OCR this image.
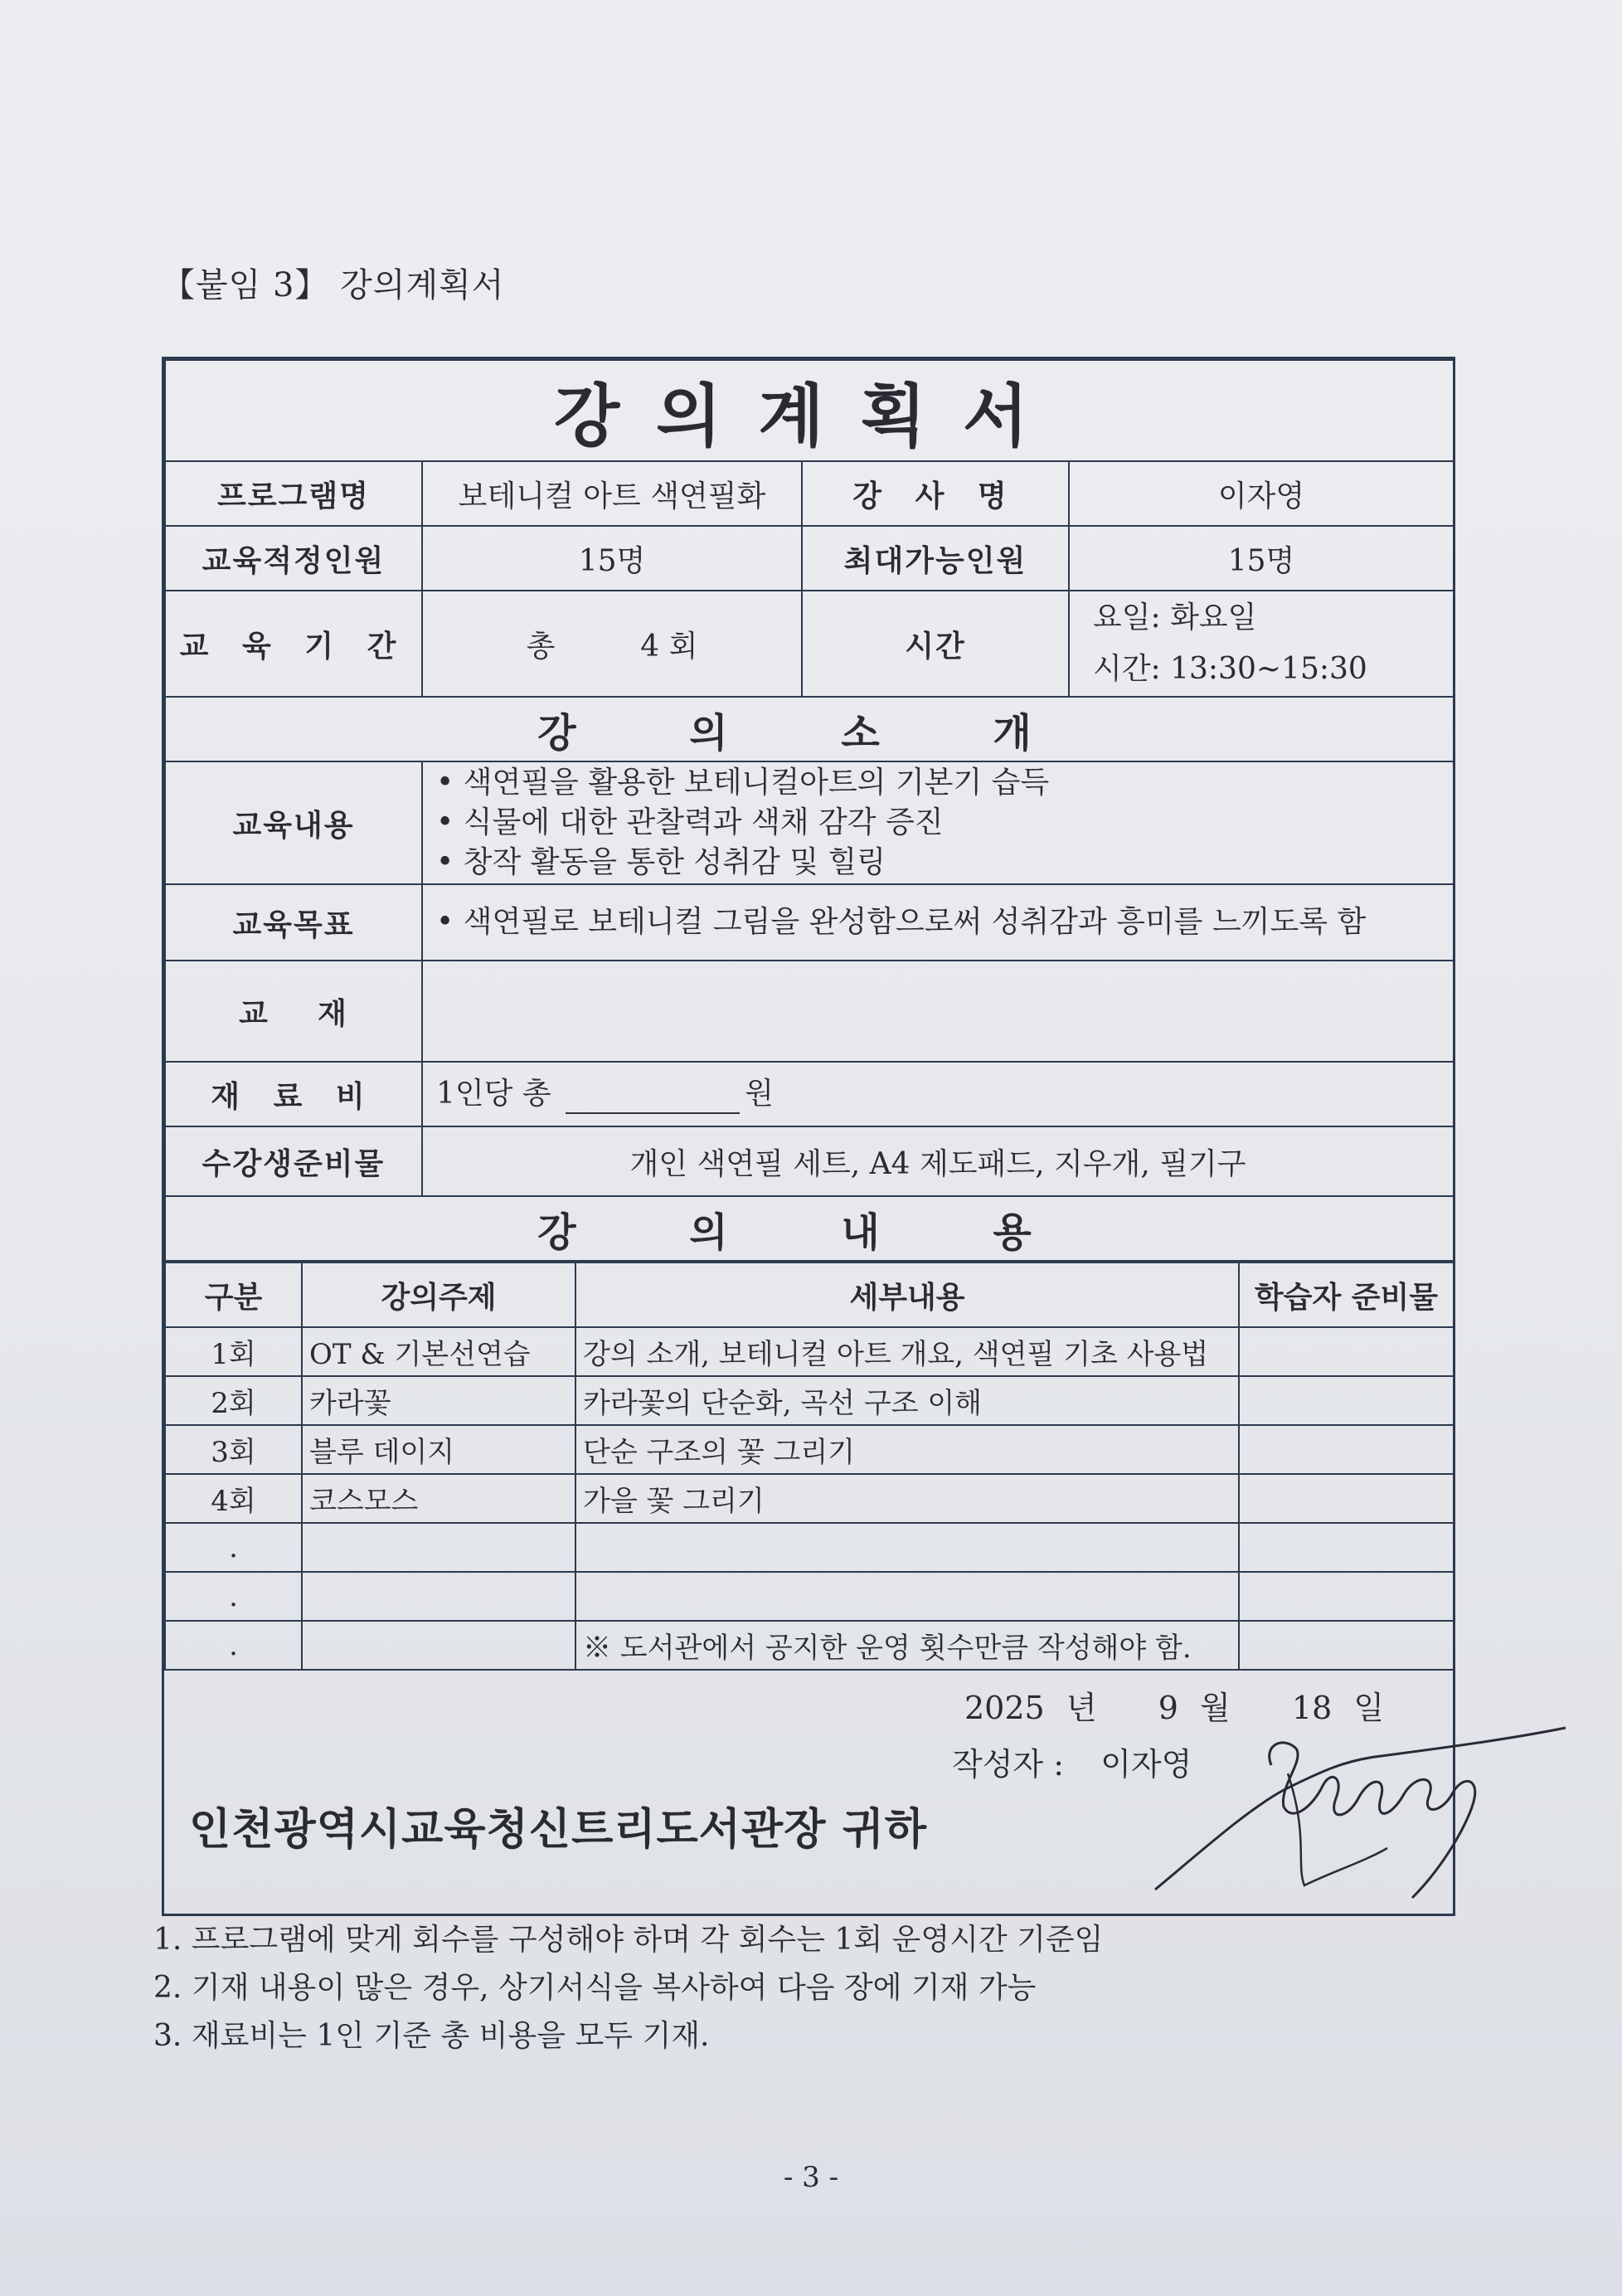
【붙임 3】 강의계획서
강의계획서			
프로그램명	보테니컬 아트 색연필화	강 사 명	이자영
교육적정인원	15명	최대가능인원	15명
교 육 기 간	총 4 회	시간	요일: 화요일
시간: 13:30~15:30

강 의 소 개			
교육내용	• 색연필을 활용한 보테니컬아트의 기본기 습득
• 식물에 대한 관찰력과 색채 감각 증진
• 창작 활동을 통한 성취감 및 힐링		

교육목표	• 색연필로 보테니컬 그림을 완성함으로써 성취감과 흥미를 느끼도록 함		
교    재			
재 료 비	1인당 총 원		
수강생준비물	개인 색연필 세트, A4 제도패드, 지우개, 필기구		
강 의 내 용			
구분	강의주제	세부내용	학습자 준비물
1회	OT & 기본선연습	강의 소개, 보테니컬 아트 개요, 색연필 기초 사용법	
2회	카라꽃	카라꽃의 단순화, 곡선 구조 이해	
3회	블루 데이지	단순 구조의 꽃 그리기	
4회	코스모스	가을 꽃 그리기	
.			
.			
.		※ 도서관에서 공지한 운영 횟수만큼 작성해야 함.	
2025 년 9 월 18 일
작성자 : 이자영
인천광역시교육청신트리도서관장 귀하
1. 프로그램에 맞게 회수를 구성해야 하며 각 회수는 1회 운영시간 기준임
2. 기재 내용이 많은 경우, 상기서식을 복사하여 다음 장에 기재 가능
3. 재료비는 1인 기준 총 비용을 모두 기재.
- 3 -
